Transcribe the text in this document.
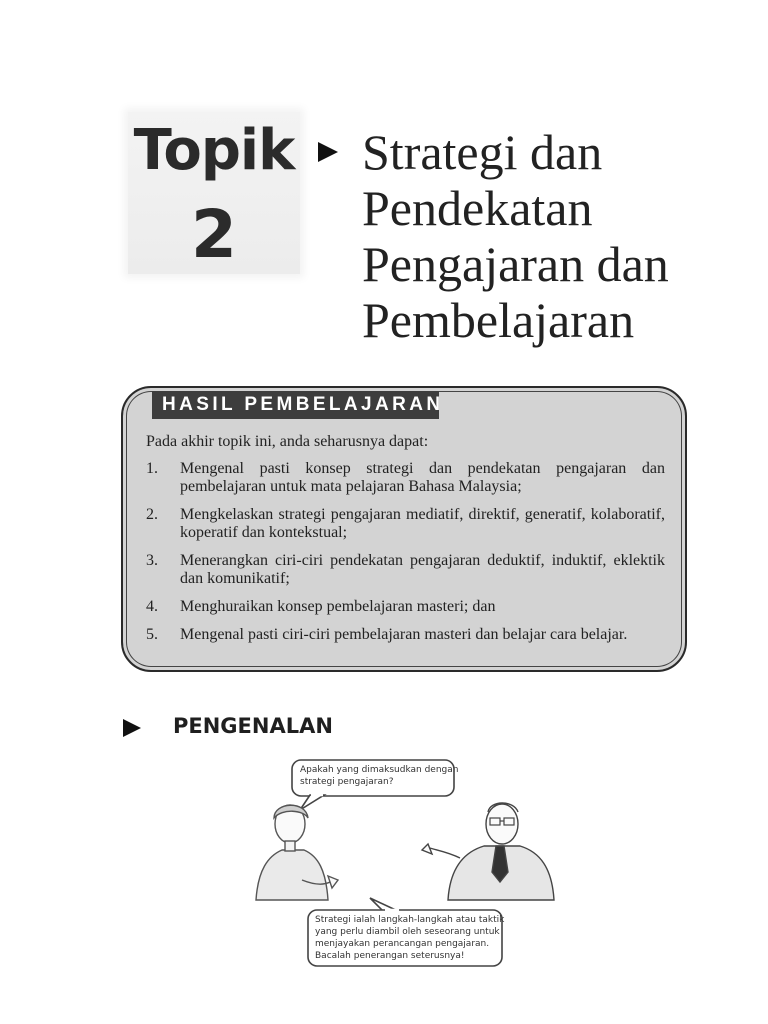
Topik
2
Strategi dan
Pendekatan
Pengajaran dan
Pembelajaran
HASIL PEMBELAJARAN
Pada akhir topik ini, anda seharusnya dapat:
1. Mengenal pasti konsep strategi dan pendekatan pengajaran dan pembelajaran untuk mata pelajaran Bahasa Malaysia;
2. Mengkelaskan strategi pengajaran mediatif, direktif, generatif, kolaboratif, koperatif dan kontekstual;
3. Menerangkan ciri-ciri pendekatan pengajaran deduktif, induktif, eklektik dan komunikatif;
4. Menghuraikan konsep pembelajaran masteri; dan
5. Mengenal pasti ciri-ciri pembelajaran masteri dan belajar cara belajar.
PENGENALAN
Apakah yang dimaksudkan dengan
strategi pengajaran?
Strategi ialah langkah-langkah atau taktik
yang perlu diambil oleh seseorang untuk
menjayakan perancangan pengajaran.
Bacalah penerangan seterusnya!
